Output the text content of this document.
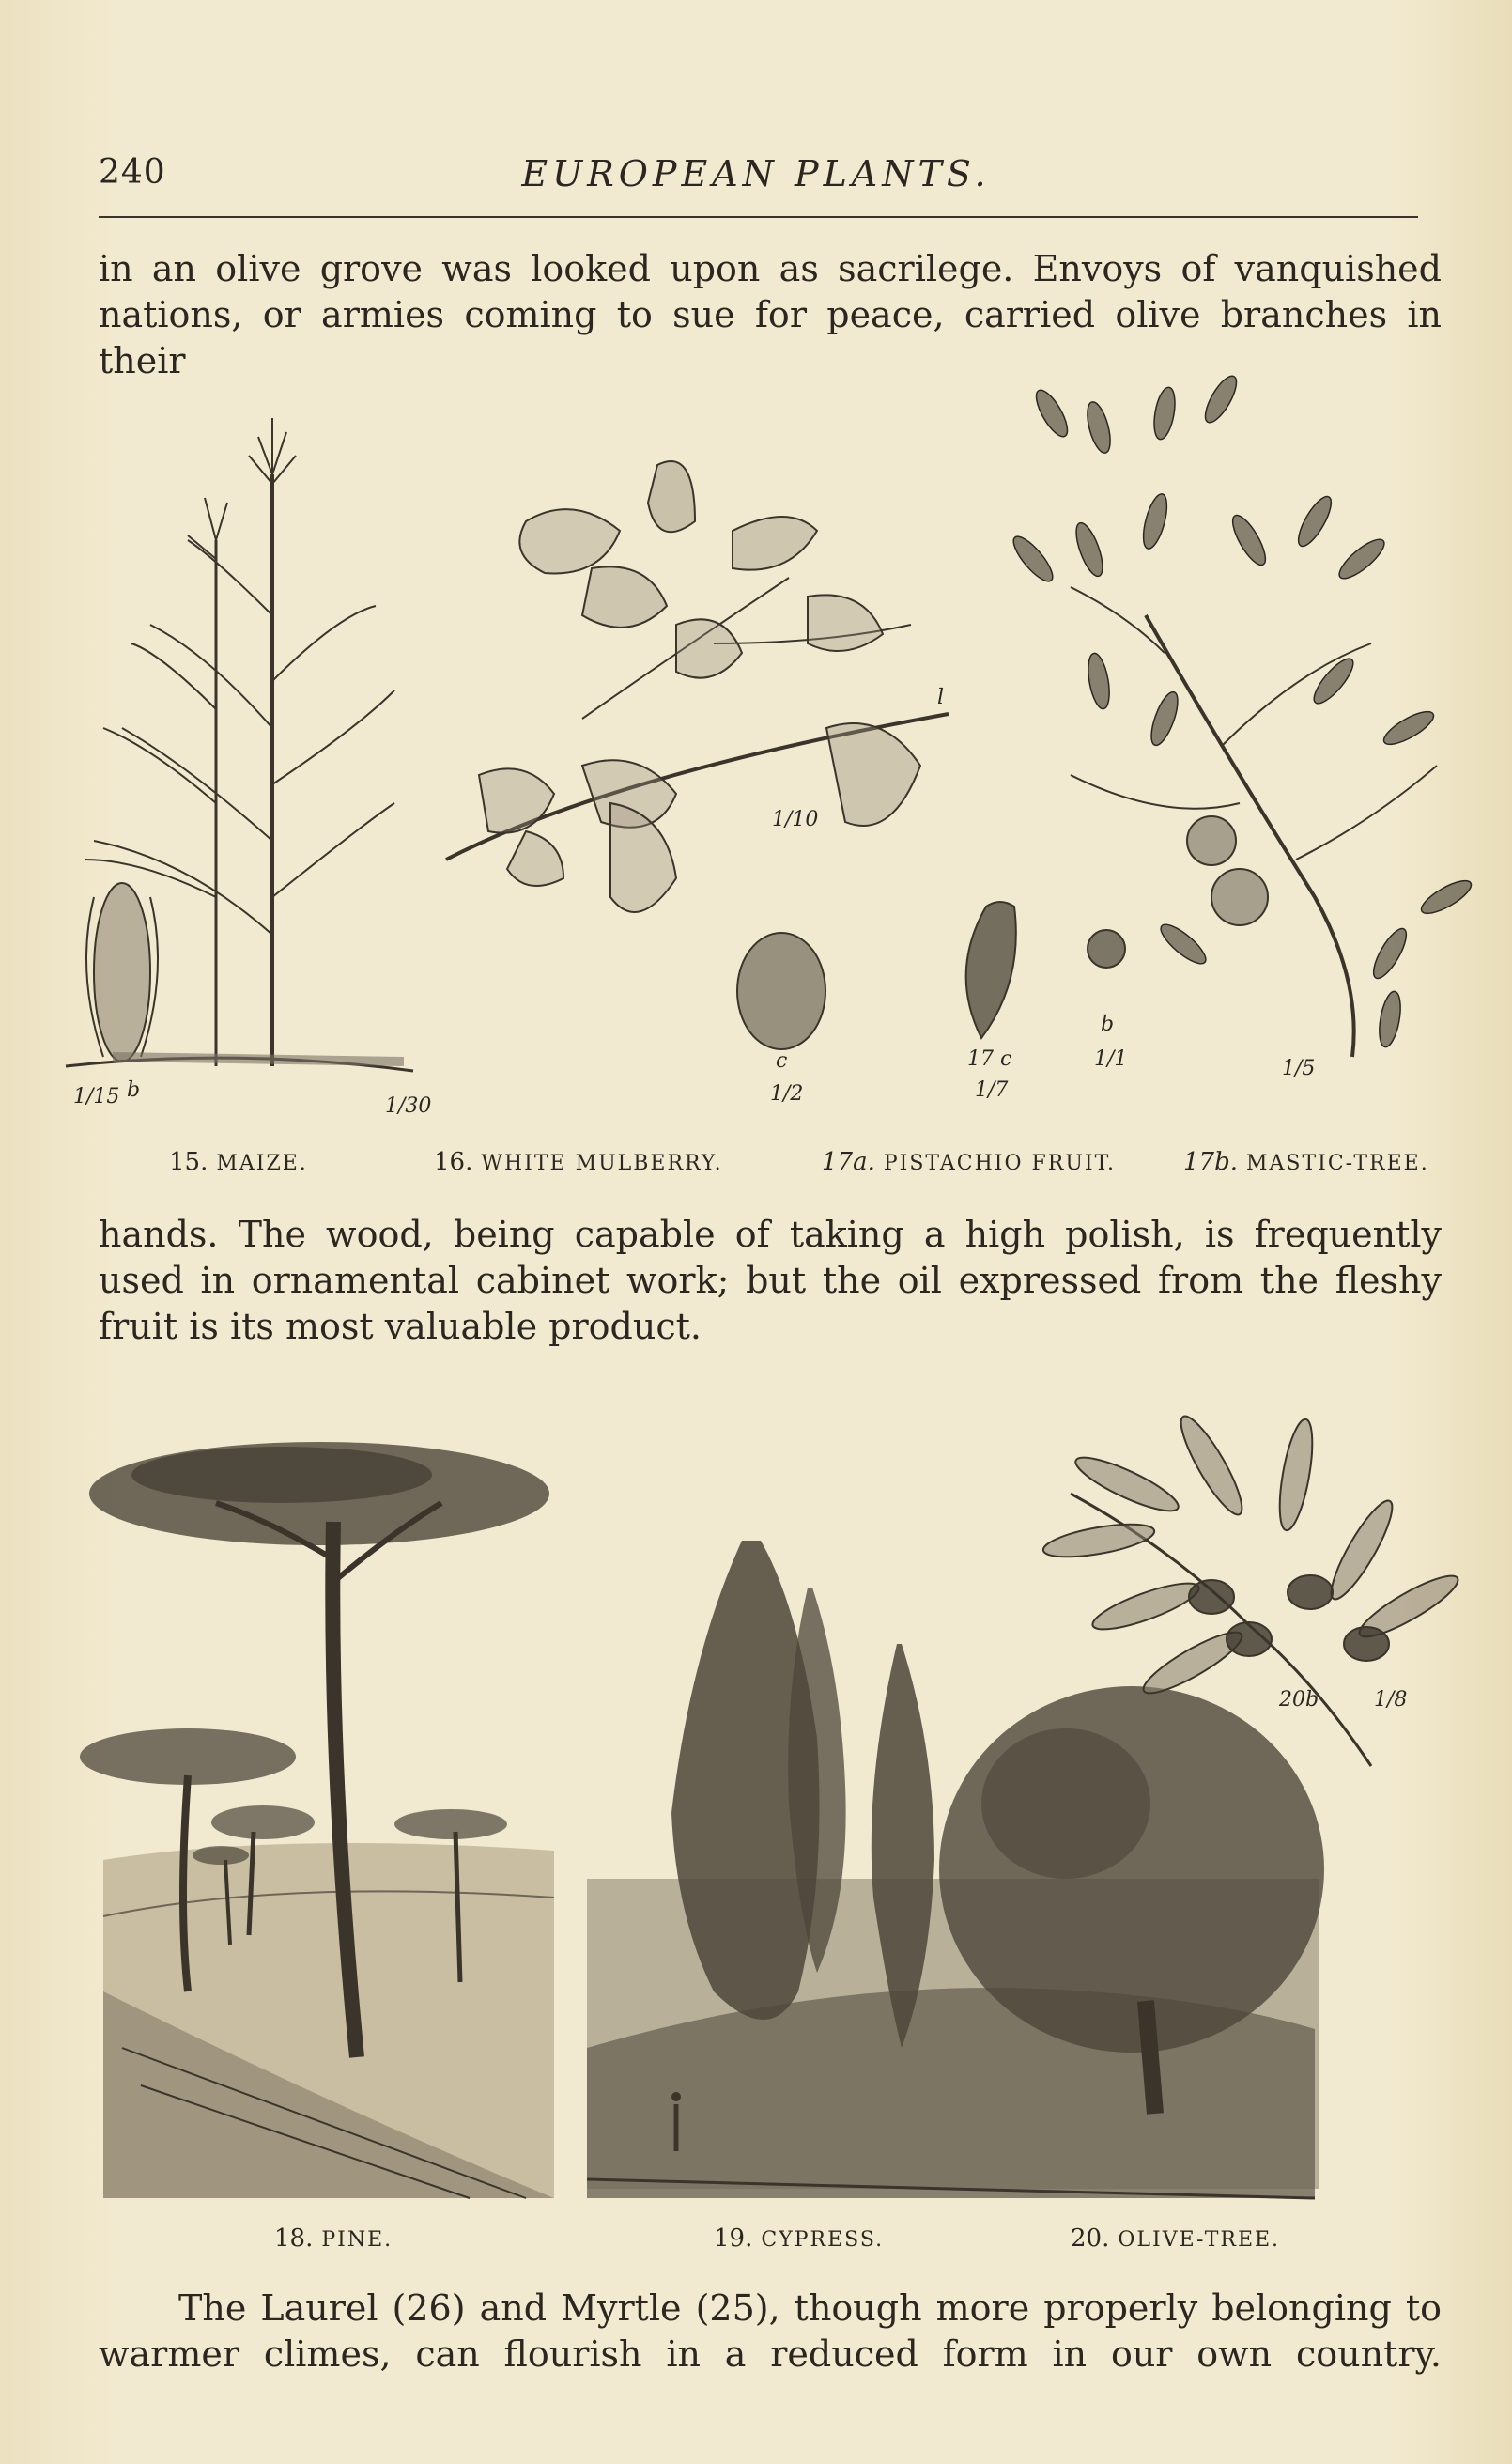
240	EUROPEAN PLANTS.

in an olive grove was looked upon as sacrilege. Envoys of vanquished nations, or armies coming to sue for peace, carried olive branches in their

1/15 b
1/30
1/10
l
c
1/2
17 c
1/7
b
1/1	1/5
15. MAIZE.	16. WHITE MULBERRY.	17a. PISTACHIO FRUIT.	17b. MASTIC-TREE.

hands. The wood, being capable of taking a high polish, is frequently used in ornamental cabinet work; but the oil expressed from the fleshy fruit is its most valuable product.

20b	1/8
18. PINE.	19. CYPRESS.	20. OLIVE-TREE.

The Laurel (26) and Myrtle (25), though more properly belonging to warmer climes, can flourish in a reduced form in our own country.
